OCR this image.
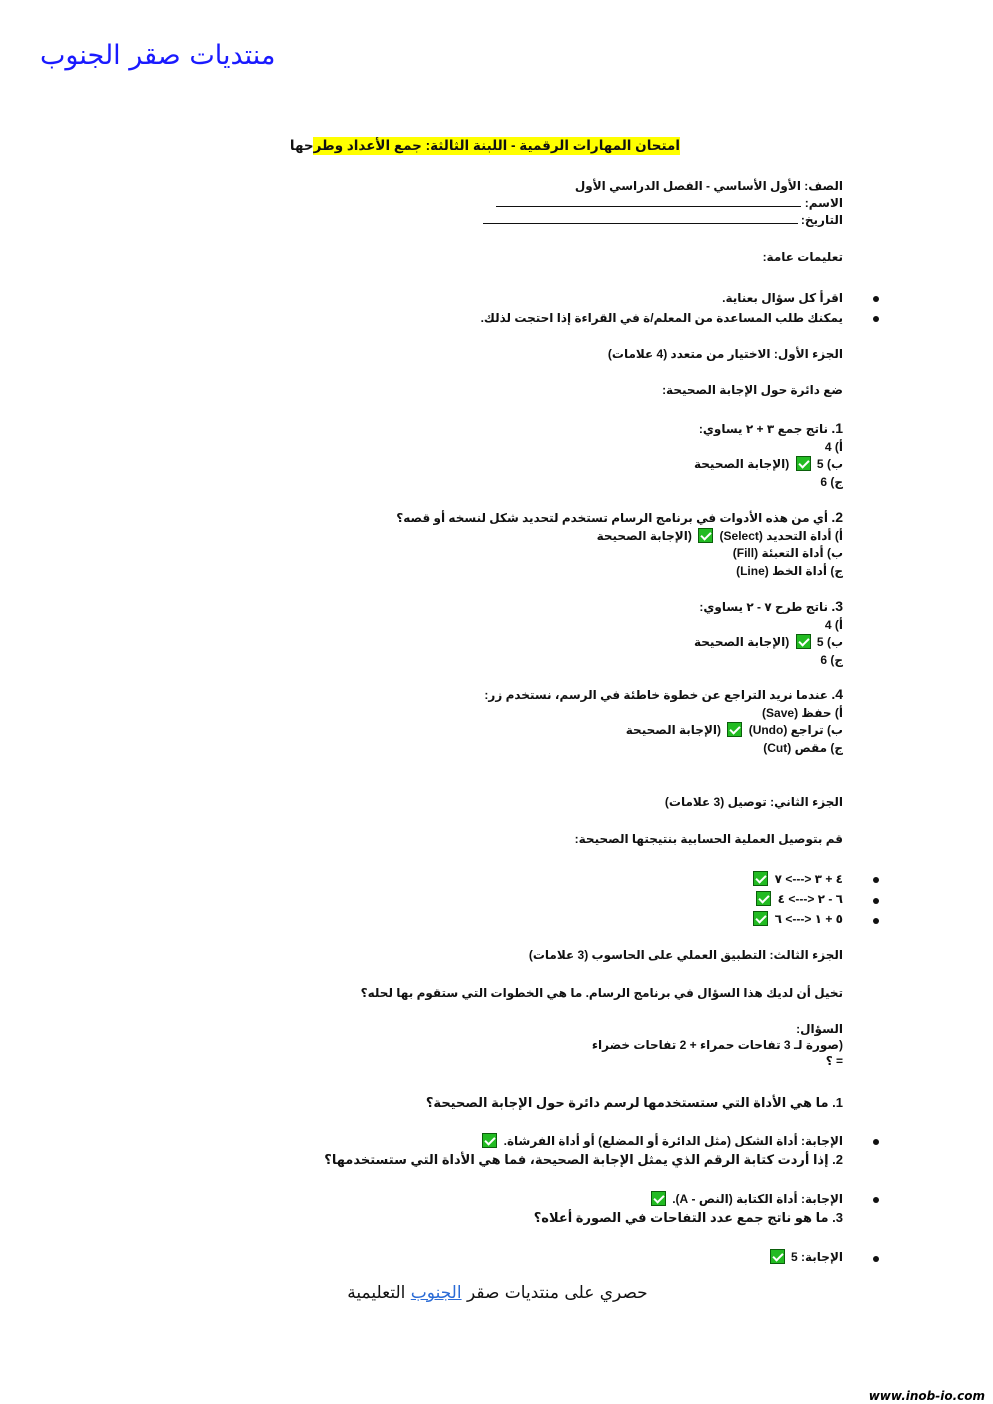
منتديات صقر الجنوب
امتحان المهارات الرقمية - اللبنة الثالثة: جمع الأعداد وطرحها
الصف: الأول الأساسي - الفصل الدراسي الأول
الاسم:
التاريخ:
تعليمات عامة:
اقرأ كل سؤال بعناية.
يمكنك طلب المساعدة من المعلم/ة في القراءة إذا احتجت لذلك.
الجزء الأول: الاختيار من متعدد (4 علامات)
ضع دائرة حول الإجابة الصحيحة:
1. ناتج جمع ٣ + ٢ يساوي:
أ) 4
ب) 5  (الإجابة الصحيحة
ج) 6
2. أي من هذه الأدوات في برنامج الرسام تستخدم لتحديد شكل لنسخه أو قصه؟
أ) أداة التحديد (Select)  (الإجابة الصحيحة
ب) أداة التعبئة (Fill)
ج) أداة الخط (Line)
3. ناتج طرح ٧ - ٢ يساوي:
أ) 4
ب) 5  (الإجابة الصحيحة
ج) 6
4. عندما نريد التراجع عن خطوة خاطئة في الرسم، نستخدم زر:
أ) حفظ (Save)
ب) تراجع (Undo)  (الإجابة الصحيحة
ج) مقص (Cut)
الجزء الثاني: توصيل (3 علامات)
قم بتوصيل العملية الحسابية بنتيجتها الصحيحة:
٤ + ٣ <---> ٧
٦ - ٢ <---> ٤
٥ + ١ <---> ٦
الجزء الثالث: التطبيق العملي على الحاسوب (3 علامات)
تخيل أن لديك هذا السؤال في برنامج الرسام. ما هي الخطوات التي ستقوم بها لحله؟
السؤال:
(صورة لـ 3 تفاحات حمراء + 2 تفاحات خضراء
= ؟
1. ما هي الأداة التي ستستخدمها لرسم دائرة حول الإجابة الصحيحة؟
الإجابة: أداة الشكل (مثل الدائرة أو المضلع) أو أداة الفرشاة.
2. إذا أردت كتابة الرقم الذي يمثل الإجابة الصحيحة، فما هي الأداة التي ستستخدمها؟
الإجابة: أداة الكتابة (النص - A).
3. ما هو ناتج جمع عدد التفاحات في الصورة أعلاه؟
الإجابة: 5
حصري على منتديات صقر الجنوب التعليمية
www.inob-io.com
